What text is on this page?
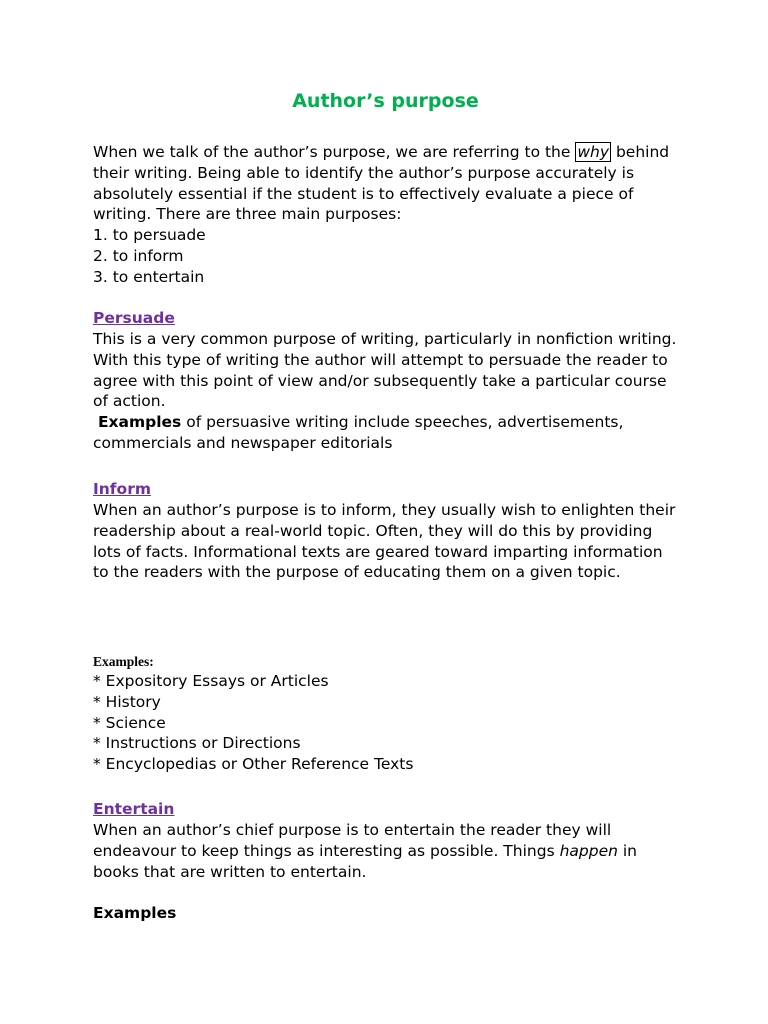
Author’s purpose

When we talk of the author’s purpose, we are referring to the why behind their writing. Being able to identify the author’s purpose accurately is absolutely essential if the student is to effectively evaluate a piece of writing. There are three main purposes:

1. to persuade
2. to inform
3. to entertain
Persuade

This is a very common purpose of writing, particularly in nonfiction writing. With this type of writing the author will attempt to persuade the reader to agree with this point of view and/or subsequently take a particular course of action.

Examples of persuasive writing include speeches, advertisements, commercials and newspaper editorials

Inform

When an author’s purpose is to inform, they usually wish to enlighten their readership about a real-world topic. Often, they will do this by providing lots of facts. Informational texts are geared toward imparting information to the readers with the purpose of educating them on a given topic.

Examples:
* Expository Essays or Articles
* History
* Science
* Instructions or Directions
* Encyclopedias or Other Reference Texts
Entertain

When an author’s chief purpose is to entertain the reader they will endeavour to keep things as interesting as possible. Things happen in books that are written to entertain.

Examples
